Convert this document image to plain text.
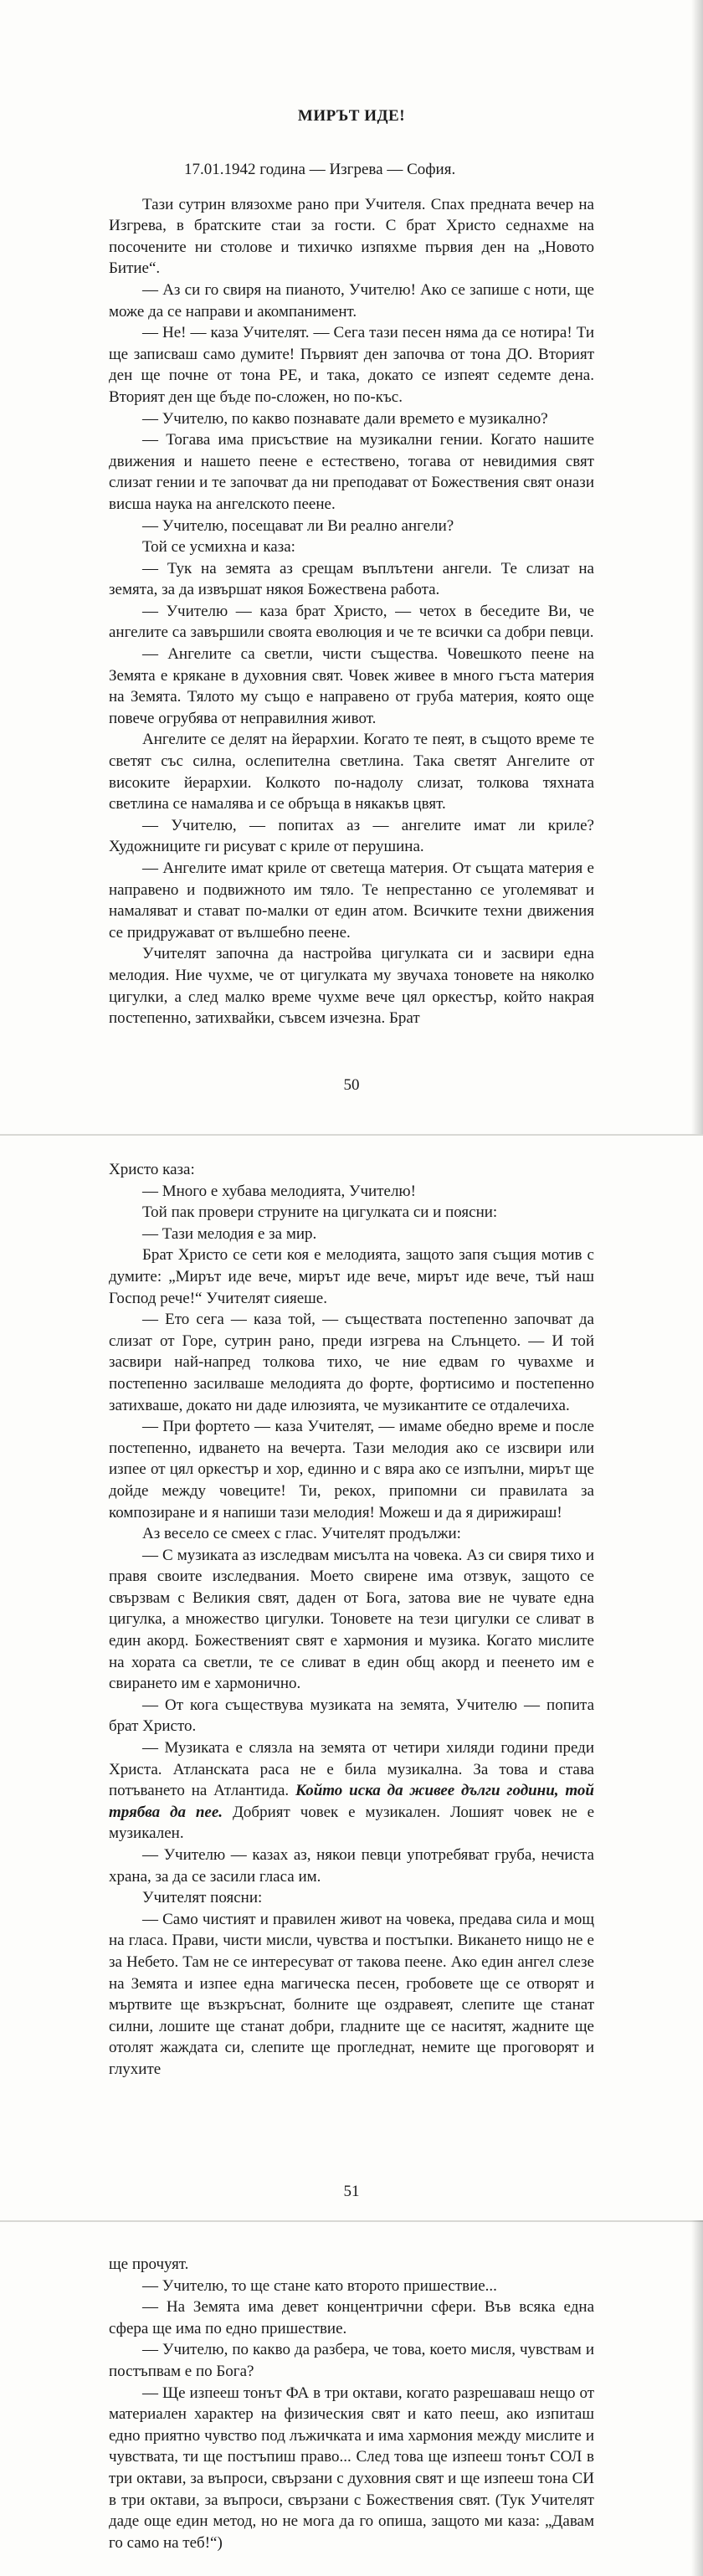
МИРЪТ ИДЕ!

17.01.1942 година — Изгрева — София.

Тази сутрин влязохме рано при Учителя. Спах предната вечер на Изгрева, в братските стаи за гости. С брат Христо седнахме на посочените ни столове и тихичко изпяхме първия ден на „Новото Битие“.

— Аз си го свиря на пианото, Учителю! Ако се запише с ноти, ще може да се направи и акомпанимент.

— Не! — каза Учителят. — Сега тази песен няма да се нотира! Ти ще записваш само думите! Първият ден започва от тона ДО. Вторият ден ще почне от тона РЕ, и така, докато се изпеят седемте дена. Вторият ден ще бъде по-сложен, но по-къс.

— Учителю, по какво познавате дали времето е музикално?

— Тогава има присъствие на музикални гении. Когато нашите движения и нашето пеене е естествено, тогава от невидимия свят слизат гении и те започват да ни преподават от Божествения свят онази висша наука на ангелското пеене.

— Учителю, посещават ли Ви реално ангели?

Той се усмихна и каза:

— Тук на земята аз срещам въплътени ангели. Те слизат на земята, за да извършат някоя Божествена работа.

— Учителю — каза брат Христо, — четох в беседите Ви, че ангелите са завършили своята еволюция и че те всички са добри певци.

— Ангелите са светли, чисти същества. Човешкото пеене на Земята е крякане в духовния свят. Човек живее в много гъста материя на Земята. Тялото му също е направено от груба материя, която още повече огрубява от неправилния живот.

Ангелите се делят на йерархии. Когато те пеят, в същото време те светят със силна, ослепителна светлина. Така светят Ангелите от високите йерархии. Колкото по-надолу слизат, толкова тяхната светлина се намалява и се обръща в някакъв цвят.

— Учителю, — попитах аз — ангелите имат ли криле? Художниците ги рисуват с криле от перушина.

— Ангелите имат криле от светеща материя. От същата материя е направено и подвижното им тяло. Те непрестанно се уголемяват и намаляват и стават по-малки от един атом. Всичките техни движения се придружават от вълшебно пеене.

Учителят започна да настройва цигулката си и засвири една мелодия. Ние чухме, че от цигулката му звучаха тоновете на няколко цигулки, а след малко време чухме вече цял оркестър, който накрая постепенно, затихвайки, съвсем изчезна. Брат

50

Христо каза:

— Много е хубава мелодията, Учителю!

Той пак провери струните на цигулката си и поясни:

— Тази мелодия е за мир.

Брат Христо се сети коя е мелодията, защото запя същия мотив с думите: „Мирът иде вече, мирът иде вече, мирът иде вече, тъй наш Господ рече!“ Учителят сияеше.

— Ето сега — каза той, — съществата постепенно започват да слизат от Горе, сутрин рано, преди изгрева на Слънцето. — И той засвири най-напред толкова тихо, че ние едвам го чувахме и постепенно засилваше мелодията до форте, фортисимо и постепенно затихваше, докато ни даде илюзията, че музикантите се отдалечиха.

— При фортето — каза Учителят, — имаме обедно време и после постепенно, идването на вечерта. Тази мелодия ако се изсвири или изпее от цял оркестър и хор, единно и с вяра ако се изпълни, мирът ще дойде между човеците! Ти, рекох, припомни си правилата за композиране и я напиши тази мелодия! Можеш и да я дирижираш!

Аз веселo се смеех с глас. Учителят продължи:

— С музиката аз изследвам мисълта на човека. Аз си свиря тихо и правя своите изследвания. Моето свирене има отзвук, защото се свързвам с Великия свят, даден от Бога, затова вие не чувате една цигулка, а множество цигулки. Тоновете на тези цигулки се сливат в един акорд. Божественият свят е хармония и музика. Когато мислите на хората са светли, те се сливат в един общ акорд и пеенето им е свирането им е хармонично.

— От кога съществува музиката на земята, Учителю — попита брат Христо.

— Музиката е слязла на земята от четири хиляди години преди Христа. Атланската раса не е била музикална. За това и става потъването на Атлантида. Който иска да живее дълги години, той трябва да пее. Добрият човек е музикален. Лошият човек не е музикален.

— Учителю — казах аз, някои певци употребяват груба, нечиста храна, за да се засили гласа им.

Учителят поясни:

— Само чистият и правилен живот на човека, предава сила и мощ на гласа. Прави, чисти мисли, чувства и постъпки. Виканeто нищо не е за Небето. Там не се интересуват от такова пеене. Ако един ангел слезе на Земята и изпее една магическа песен, гробовете ще се отворят и мъртвите ще възкръснат, болните ще оздравеят, слепите ще станат силни, лошите ще станат добри, гладните ще се наситят, жадните ще отолят жаждата си, слепите ще прогледнат, немите ще проговорят и глухите

51

ще прочуят.

— Учителю, то ще стане като второто пришествие...

— На Земята има девет концентрични сфери. Във всяка една сфера ще има по едно пришествие.

— Учителю, по какво да разбера, че това, което мисля, чувствам и постъпвам е по Бога?

— Ще изпееш тонът ФА в три октави, когато разрешаваш нещо от материален характер на физическия свят и като пееш, ако изпиташ едно приятно чувство под лъжичката и има хармония между мислите и чувствата, ти ще постъпиш право... След това ще изпееш тонът СОЛ в три октави, за въпроси, свързани с духовния свят и ще изпееш тона СИ в три октави, за въпроси, свързани с Божествения свят. (Тук Учителят даде още един метод, но не мога да го опиша, защото ми каза: „Давам го само на теб!“)
